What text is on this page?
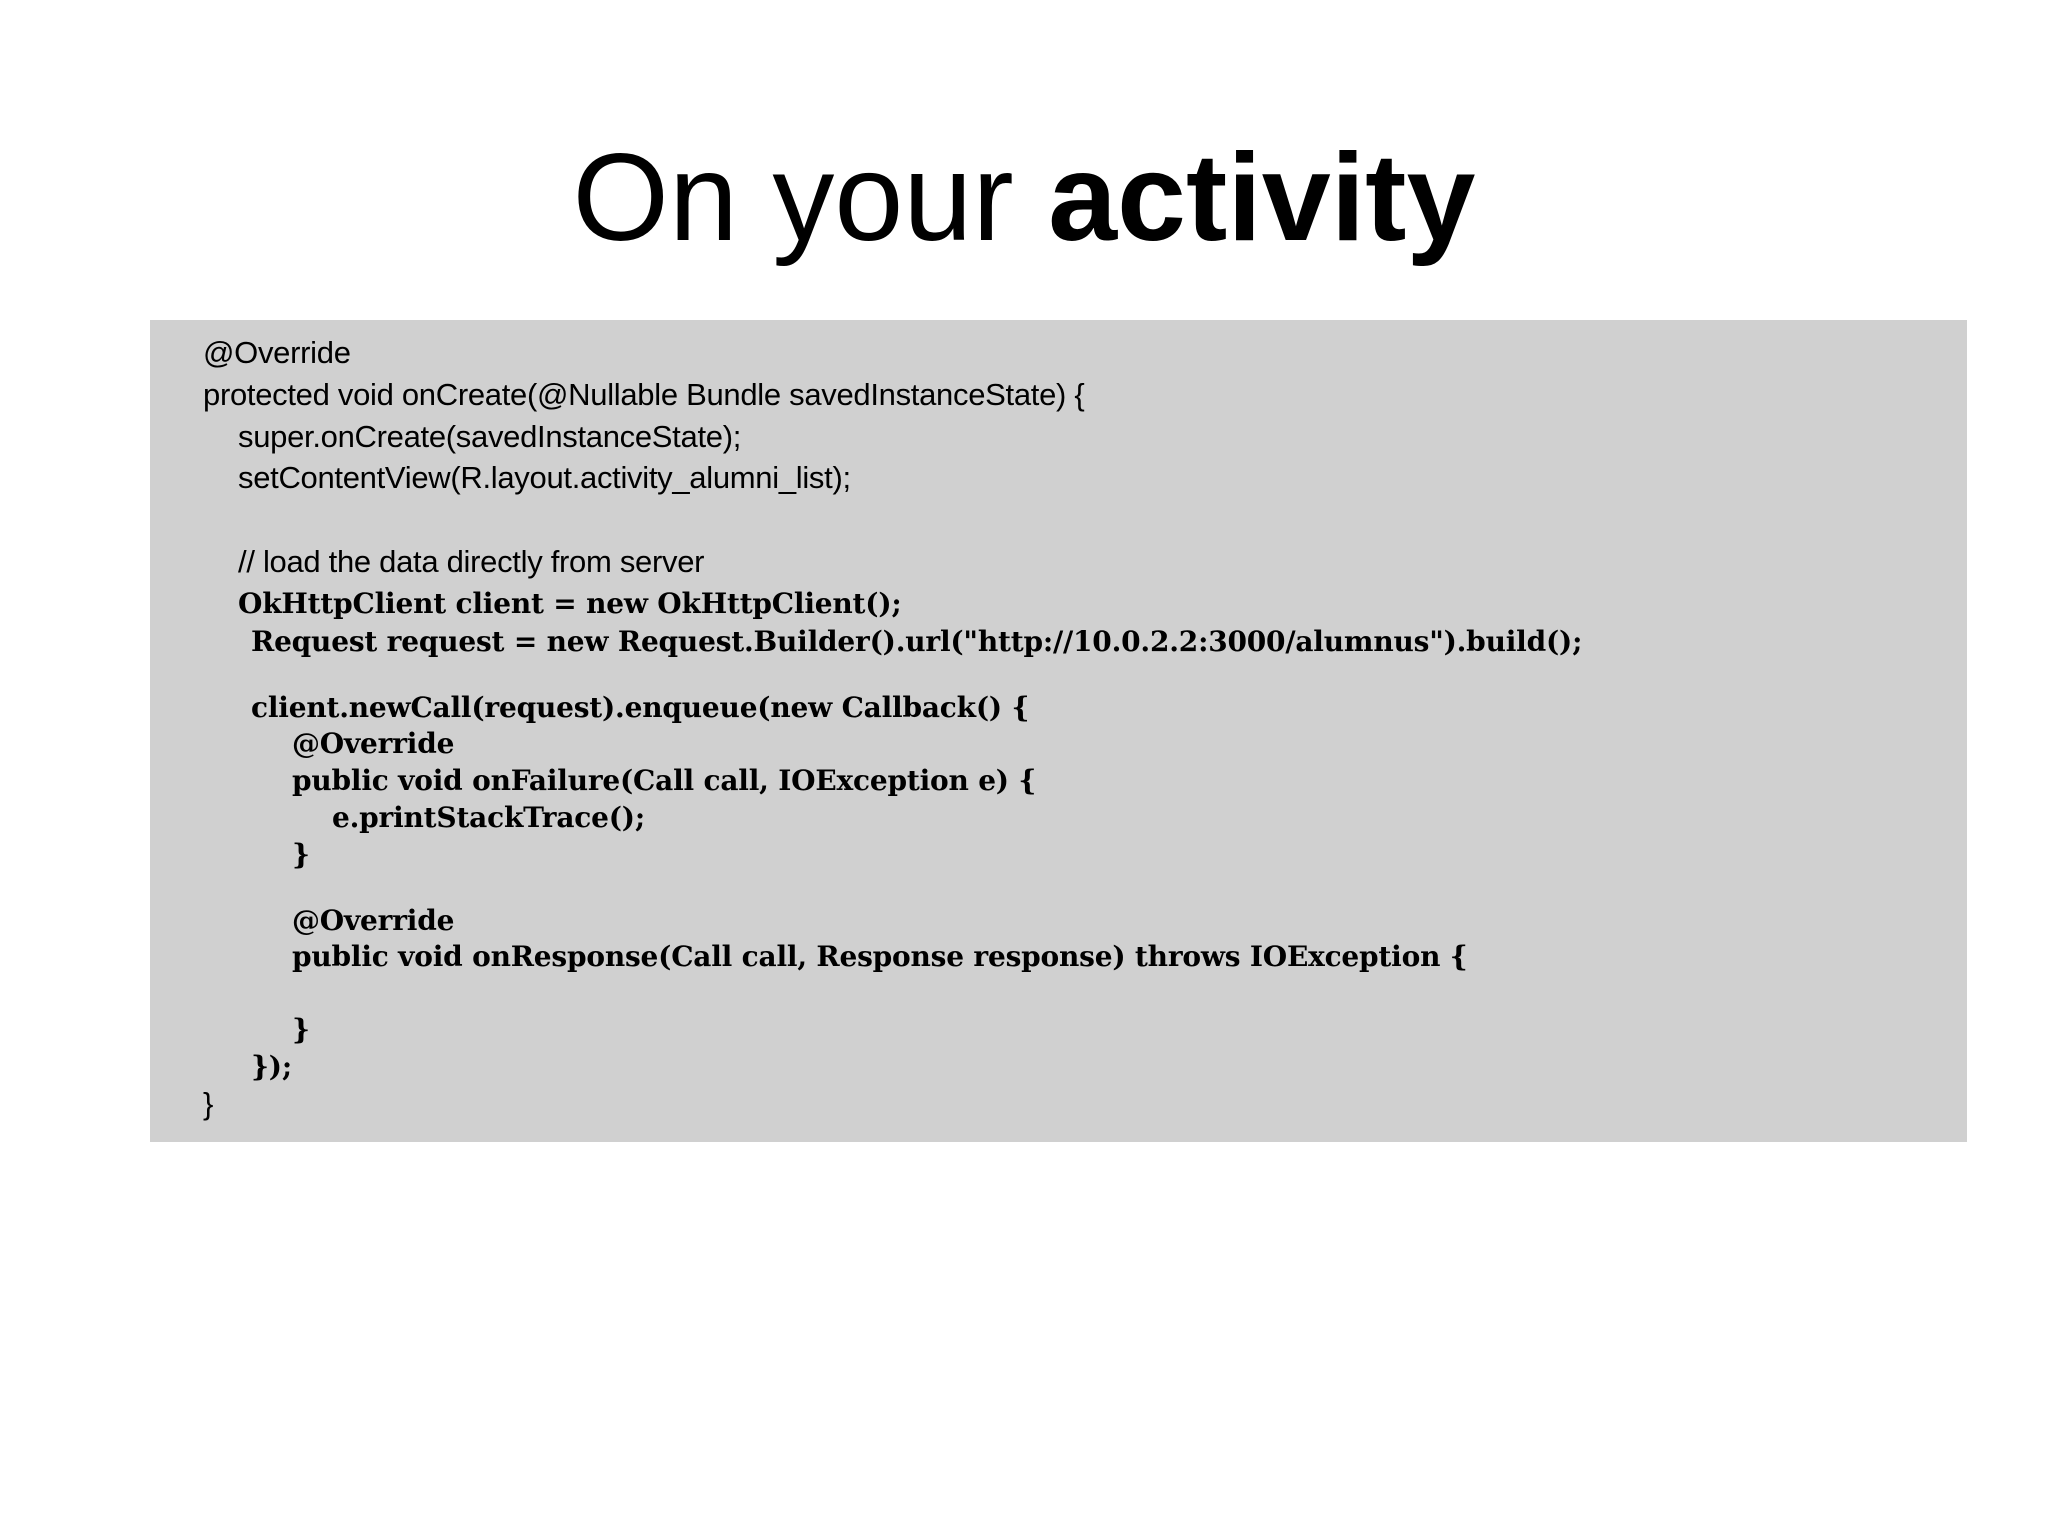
On your activity
@Override
protected void onCreate(@Nullable Bundle savedInstanceState) {
super.onCreate(savedInstanceState);
setContentView(R.layout.activity_alumni_list);
// load the data directly from server
OkHttpClient client = new OkHttpClient();
Request request = new Request.Builder().url("http://10.0.2.2:3000/alumnus").build();
client.newCall(request).enqueue(new Callback() {
@Override
public void onFailure(Call call, IOException e) {
e.printStackTrace();
}
@Override
public void onResponse(Call call, Response response) throws IOException {
}
});
}
